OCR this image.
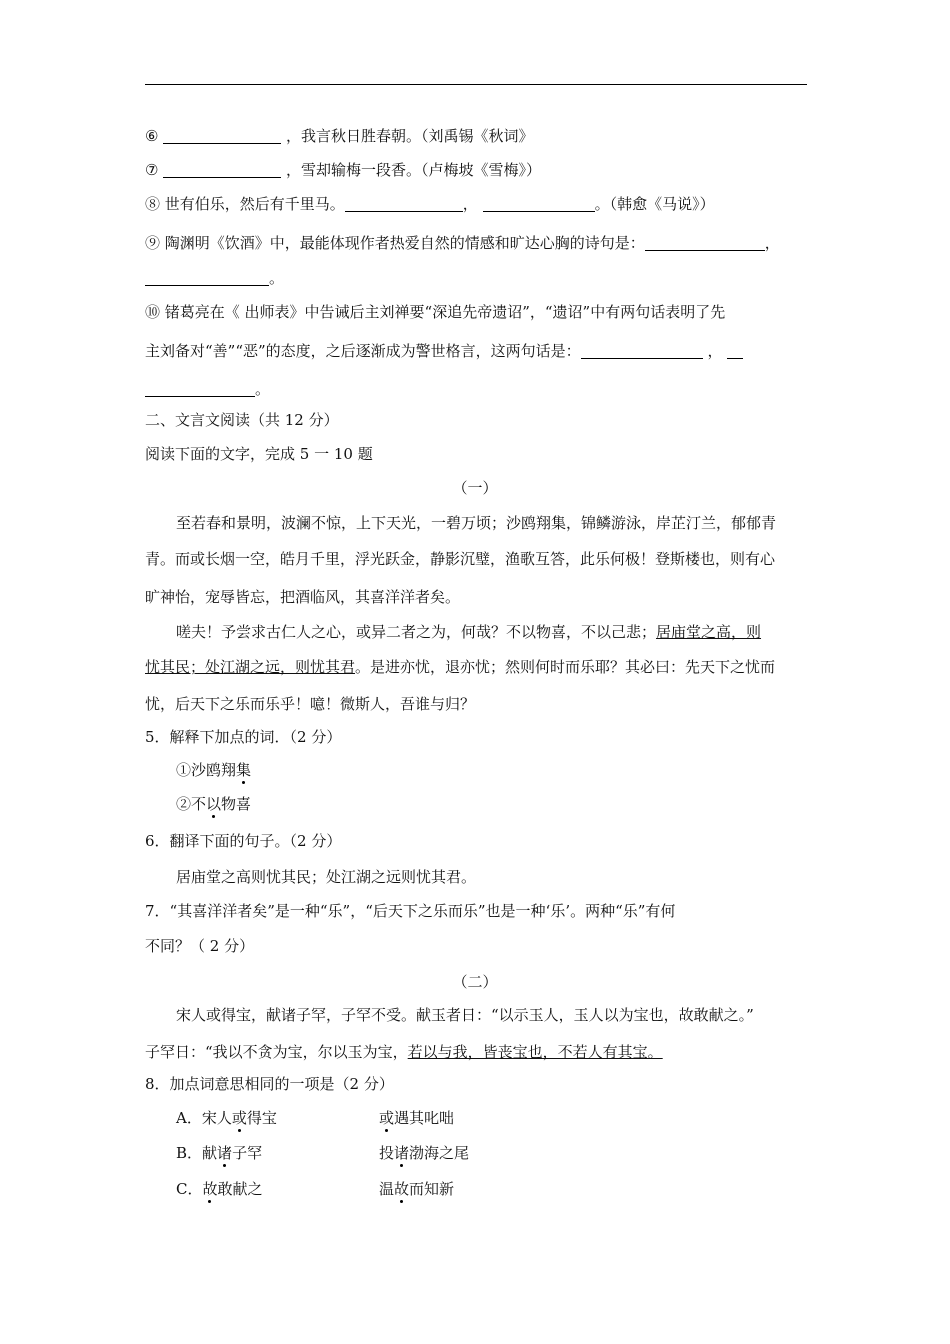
⑥	，我言秋日胜春朝。（刘禹锡《秋词》
⑦	，雪却输梅一段香。（卢梅坡《雪梅》）
⑧ 世有伯乐，然后有千里马。	，	。（韩愈《马说》）
⑨ 陶渊明《饮酒》中，最能体现作者热爱自然的情感和旷达心胸的诗句是：	，
。
⑩ 锗葛亮在《 出师表》中告诫后主刘禅要“深追先帝遗诏”，“遗诏”中有两句话表明了先
主刘备对“善”“恶”的态度，之后逐渐成为警世格言，这两句话是：	，
。
二、文言文阅读（共 12 分）
阅读下面的文字，完成 5 一 10 题
（一）
至若春和景明，波澜不惊，上下天光，一碧万顷；沙鸥翔集，锦鳞游泳，岸芷汀兰，郁郁青
青。而或长烟一空，皓月千里，浮光跃金，静影沉璧，渔歌互答，此乐何极！登斯楼也，则有心
旷神怡，宠辱皆忘，把酒临风，其喜洋洋者矣。
嗟夫！予尝求古仁人之心，或异二者之为，何哉？不以物喜，不以己悲；居庙堂之高，则
忧其民；处江湖之远，则忧其君。是进亦忧，退亦忧；然则何时而乐耶？其必曰：先天下之忧而
忧，后天下之乐而乐乎！噫！微斯人，吾谁与归？
5．解释下加点的词．（2 分）
①沙鸥翔集
②不以物喜
6．翻译下面的句子。（2 分）
居庙堂之高则忧其民；处江湖之远则忧其君。
7．“其喜洋洋者矣”是一种“乐”，“后天下之乐而乐”也是一种‘乐’。两种“乐”有何
不同？（ 2 分）
（二）
宋人或得宝，献诸子罕，子罕不受。献玉者日：“以示玉人，玉人以为宝也，故敢献之。”
子罕日：“我以不贪为宝，尔以玉为宝，若以与我，皆丧宝也，不若人有其宝。
8．加点词意思相同的一项是（2 分）
A．宋人或得宝	或遇其叱咄
B．献诸子罕	投诸渤海之尾
C．故敢献之	温故而知新
